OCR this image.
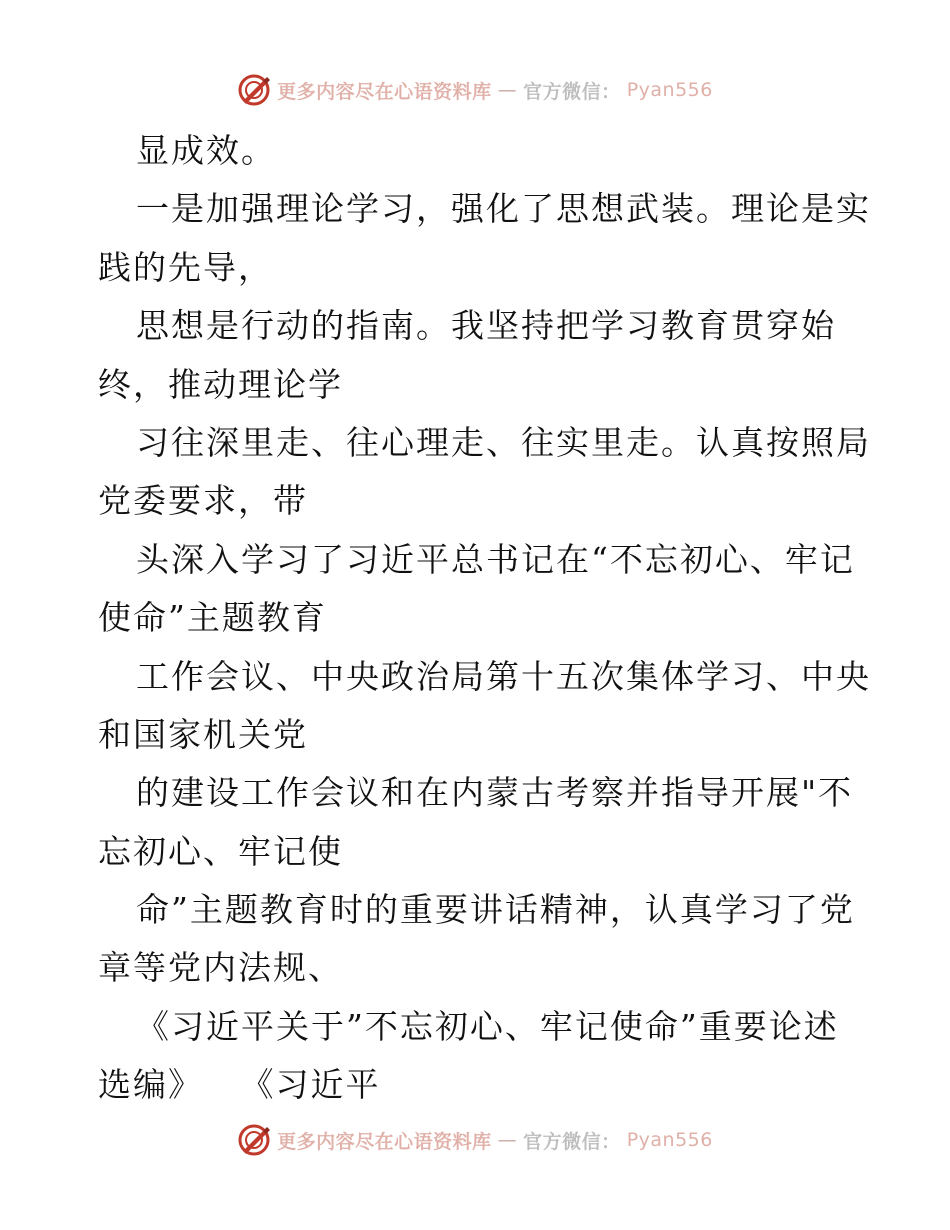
更多内容尽在心语资料库 — 官方微信： Pyan556
显成效。
一是加强理论学习，强化了思想武装。理论是实
践的先导，
思想是行动的指南。我坚持把学习教育贯穿始
终，推动理论学
习往深里走、往心理走、往实里走。认真按照局
党委要求，带
头深入学习了习近平总书记在“不忘初心、牢记
使命”主题教育
工作会议、中央政治局第十五次集体学习、中央
和国家机关党
的建设工作会议和在内蒙古考察并指导开展"不
忘初心、牢记使
命”主题教育时的重要讲话精神，认真学习了党
章等党内法规、
《习近平关于”不忘初心、牢记使命”重要论述
选编》   《习近平
更多内容尽在心语资料库 — 官方微信： Pyan556
